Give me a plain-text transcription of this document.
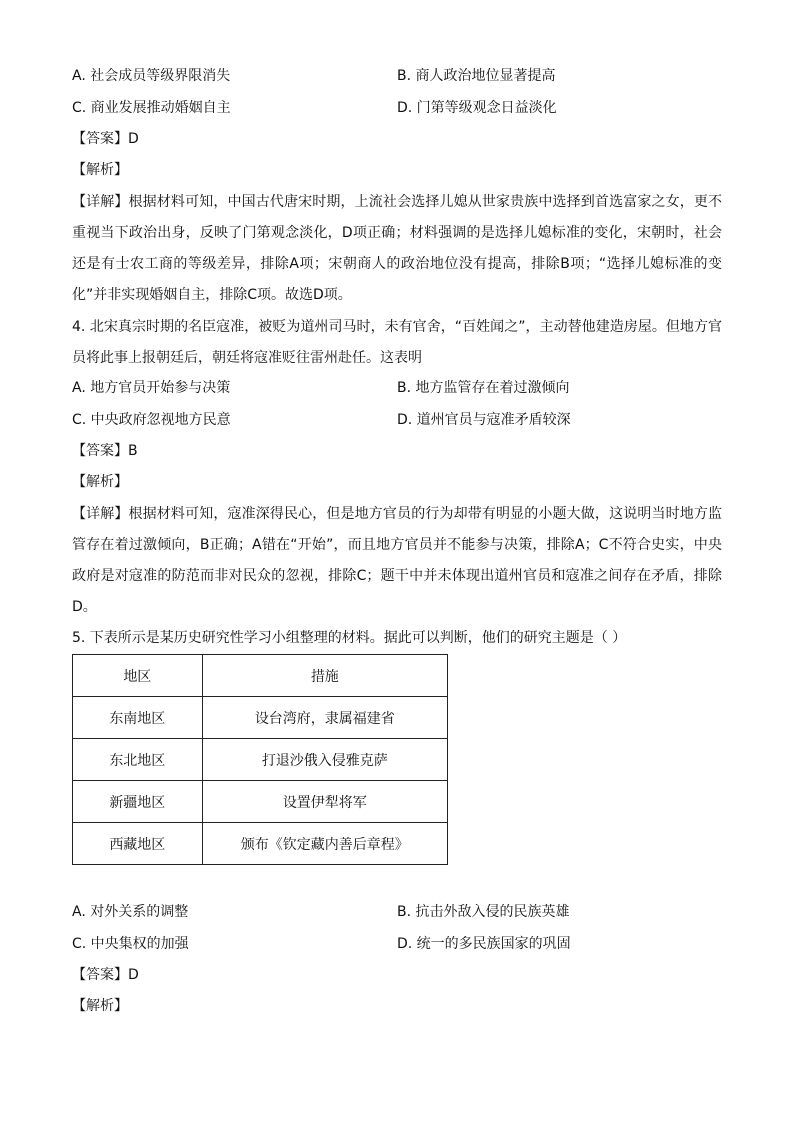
A. 社会成员等级界限消失	B. 商人政治地位显著提高
C. 商业发展推动婚姻自主	D. 门第等级观念日益淡化
【答案】D
【解析】
【详解】根据材料可知，中国古代唐宋时期，上流社会选择儿媳从世家贵族中选择到首选富家之女，更不重视当下政治出身，反映了门第观念淡化，D项正确；材料强调的是选择儿媳标准的变化，宋朝时，社会还是有士农工商的等级差异，排除A项；宋朝商人的政治地位没有提高，排除B项；“选择儿媳标准的变化”并非实现婚姻自主，排除C项。故选D项。
4. 北宋真宗时期的名臣寇准，被贬为道州司马时，未有官舍，“百姓闻之”，主动替他建造房屋。但地方官员将此事上报朝廷后，朝廷将寇准贬往雷州赴任。这表明
A. 地方官员开始参与决策	B. 地方监管存在着过激倾向
C. 中央政府忽视地方民意	D. 道州官员与寇准矛盾较深
【答案】B
【解析】
【详解】根据材料可知，寇准深得民心，但是地方官员的行为却带有明显的小题大做，这说明当时地方监管存在着过激倾向，B正确；A错在“开始”，而且地方官员并不能参与决策，排除A；C不符合史实，中央政府是对寇准的防范而非对民众的忽视，排除C；题干中并未体现出道州官员和寇准之间存在矛盾，排除D。
5. 下表所示是某历史研究性学习小组整理的材料。据此可以判断，他们的研究主题是（ ）
地区	措施
东南地区	设台湾府，隶属福建省
东北地区	打退沙俄入侵雅克萨
新疆地区	设置伊犁将军
西藏地区	颁布《钦定藏内善后章程》
A. 对外关系的调整	B. 抗击外敌入侵的民族英雄
C. 中央集权的加强	D. 统一的多民族国家的巩固
【答案】D
【解析】
